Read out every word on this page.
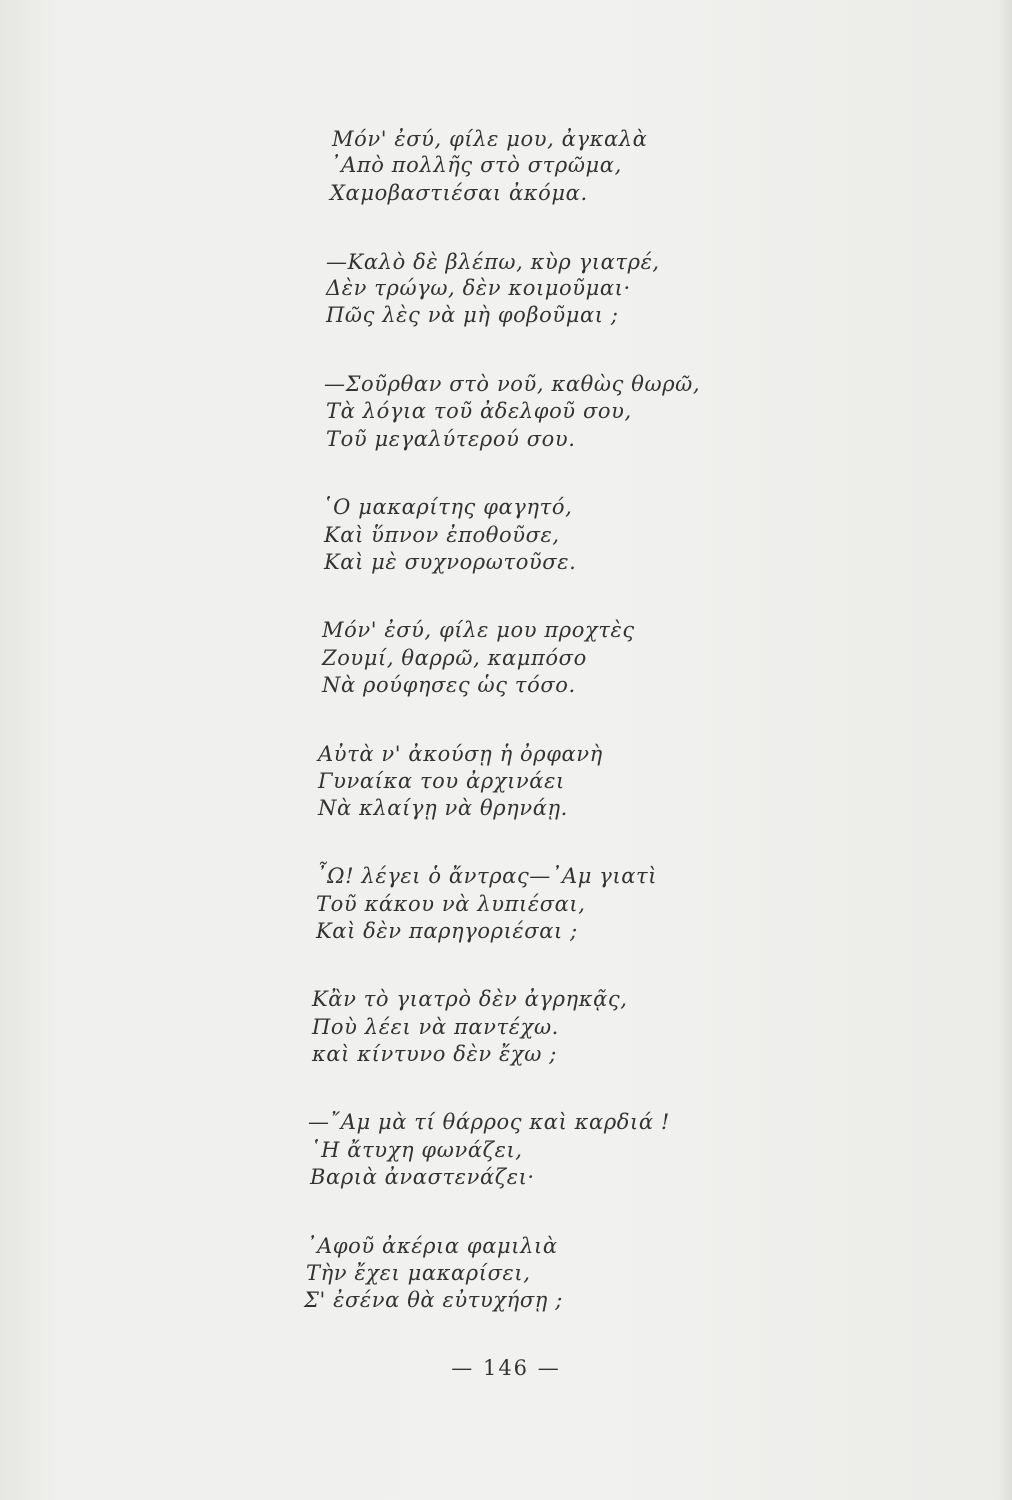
Μόν' ἐσύ, φίλε μου, ἀγκαλὰ
᾿Απὸ πολλῆς στὸ στρῶμα,
Χαμοβαστιέσαι ἀκόμα.
—Καλὸ δὲ βλέπω, κὺρ γιατρέ,
Δὲν τρώγω, δὲν κοιμοῦμαι·
Πῶς λὲς νὰ μὴ φοβοῦμαι ;
—Σοῦρθαν στὸ νοῦ, καθὼς θωρῶ,
Τὰ λόγια τοῦ ἀδελφοῦ σου,
Τοῦ μεγαλύτερού σου.
῾Ο μακαρίτης φαγητό,
Καὶ ὕπνον ἐποθοῦσε,
Καὶ μὲ συχνορωτοῦσε.
Μόν' ἐσύ, φίλε μου προχτὲς
Ζουμί, θαρρῶ, καμπόσο
Νὰ ρούφησες ὡς τόσο.
Αὐτὰ ν' ἀκούσῃ ἡ ὀρφανὴ
Γυναίκα του ἀρχινάει
Νὰ κλαίγῃ νὰ θρηνάῃ.
῏Ω! λέγει ὁ ἄντρας—᾿Αμ γιατὶ
Τοῦ κάκου νὰ λυπιέσαι,
Καὶ δὲν παρηγοριέσαι ;
Κἂν τὸ γιατρὸ δὲν ἀγρηκᾷς,
Ποὺ λέει νὰ παντέχω.
καὶ κίντυνο δὲν ἔχω ;
—῎Αμ μὰ τί θάρρος καὶ καρδιά !
῾Η ἄτυχη φωνάζει,
Βαριὰ ἀναστενάζει·
᾿Αφοῦ ἀκέρια φαμιλιὰ
Τὴν ἔχει μακαρίσει,
Σ' ἐσένα θὰ εὐτυχήσῃ ;
— 146 —
